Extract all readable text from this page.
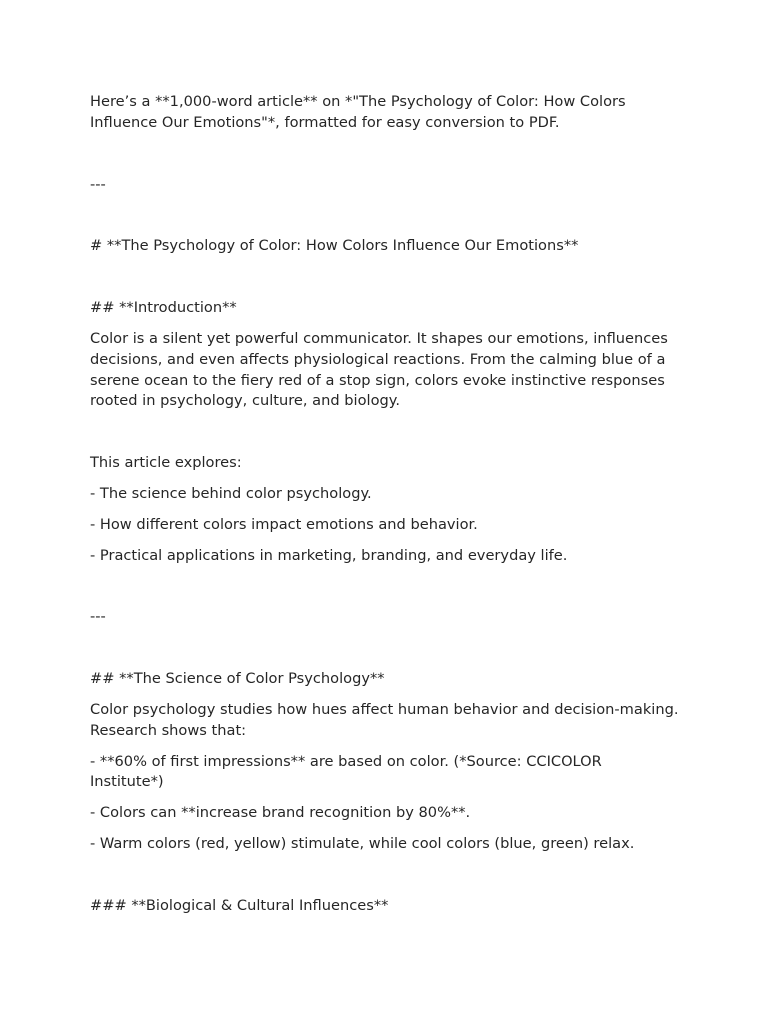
Here’s a **1,000-word article** on *"The Psychology of Color: How Colors Influence Our Emotions"*, formatted for easy conversion to PDF.

---

# **The Psychology of Color: How Colors Influence Our Emotions**

## **Introduction**

Color is a silent yet powerful communicator. It shapes our emotions, influences decisions, and even affects physiological reactions. From the calming blue of a serene ocean to the fiery red of a stop sign, colors evoke instinctive responses rooted in psychology, culture, and biology.

This article explores:

- The science behind color psychology.

- How different colors impact emotions and behavior.

- Practical applications in marketing, branding, and everyday life.

---

## **The Science of Color Psychology**

Color psychology studies how hues affect human behavior and decision-making. Research shows that:

- **60% of first impressions** are based on color. (*Source: CCICOLOR Institute*)

- Colors can **increase brand recognition by 80%**.

- Warm colors (red, yellow) stimulate, while cool colors (blue, green) relax.

### **Biological & Cultural Influences**
